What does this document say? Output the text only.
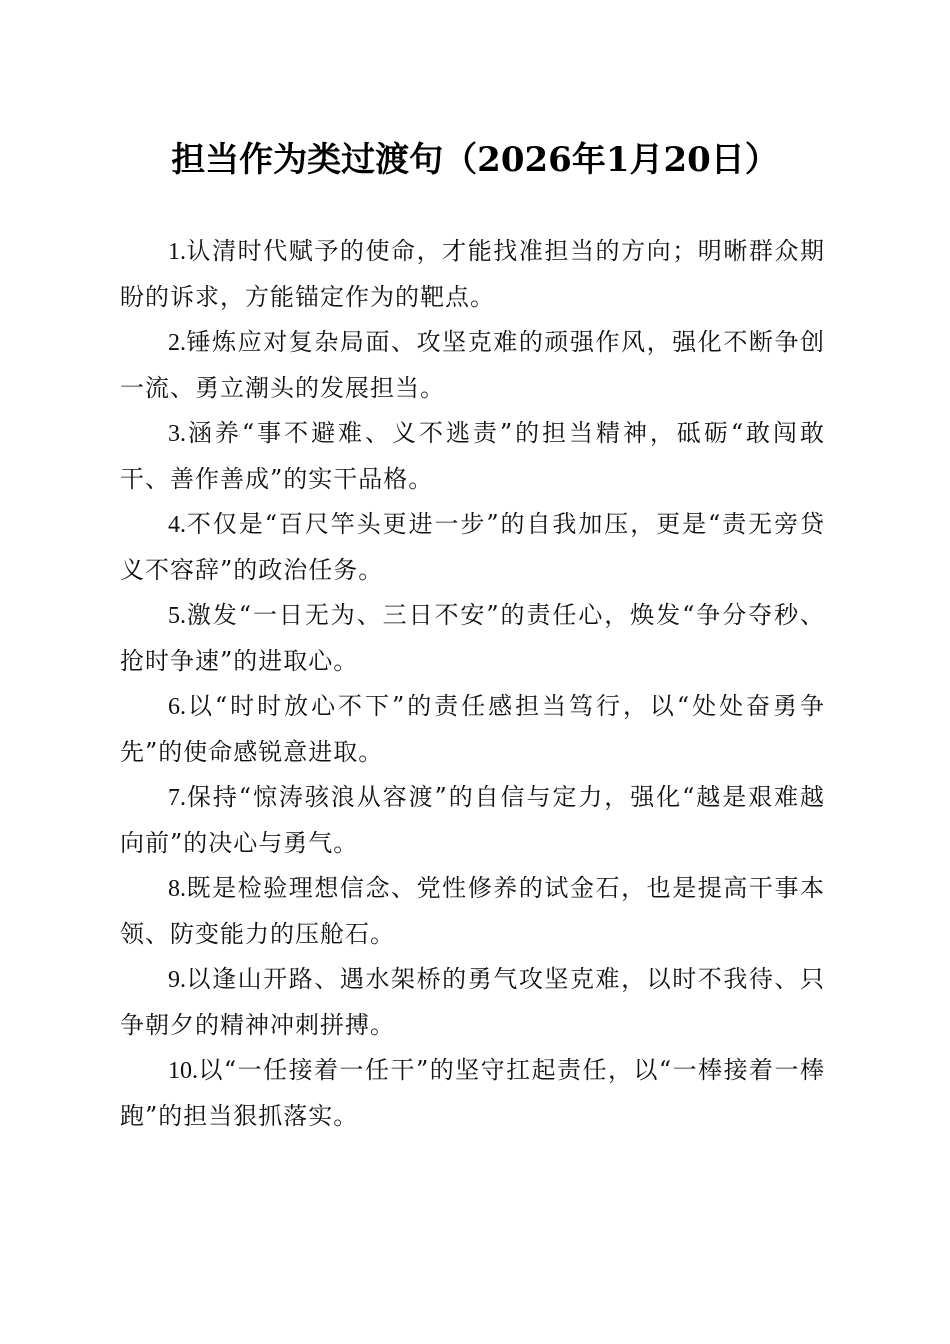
担当作为类过渡句（2026年1月20日）

1.认清时代赋予的使命，才能找准担当的方向；明晰群众期盼的诉求，方能锚定作为的靶点。

2.锤炼应对复杂局面、攻坚克难的顽强作风，强化不断争创一流、勇立潮头的发展担当。

3.涵养“事不避难、义不逃责”的担当精神，砥砺“敢闯敢干、善作善成”的实干品格。

4.不仅是“百尺竿头更进一步”的自我加压，更是“责无旁贷义不容辞”的政治任务。

5.激发“一日无为、三日不安”的责任心，焕发“争分夺秒、抢时争速”的进取心。

6.以“时时放心不下”的责任感担当笃行，以“处处奋勇争先”的使命感锐意进取。

7.保持“惊涛骇浪从容渡”的自信与定力，强化“越是艰难越向前”的决心与勇气。

8.既是检验理想信念、党性修养的试金石，也是提高干事本领、防变能力的压舱石。

9.以逢山开路、遇水架桥的勇气攻坚克难，以时不我待、只争朝夕的精神冲刺拼搏。

10.以“一任接着一任干”的坚守扛起责任，以“一棒接着一棒跑”的担当狠抓落实。
